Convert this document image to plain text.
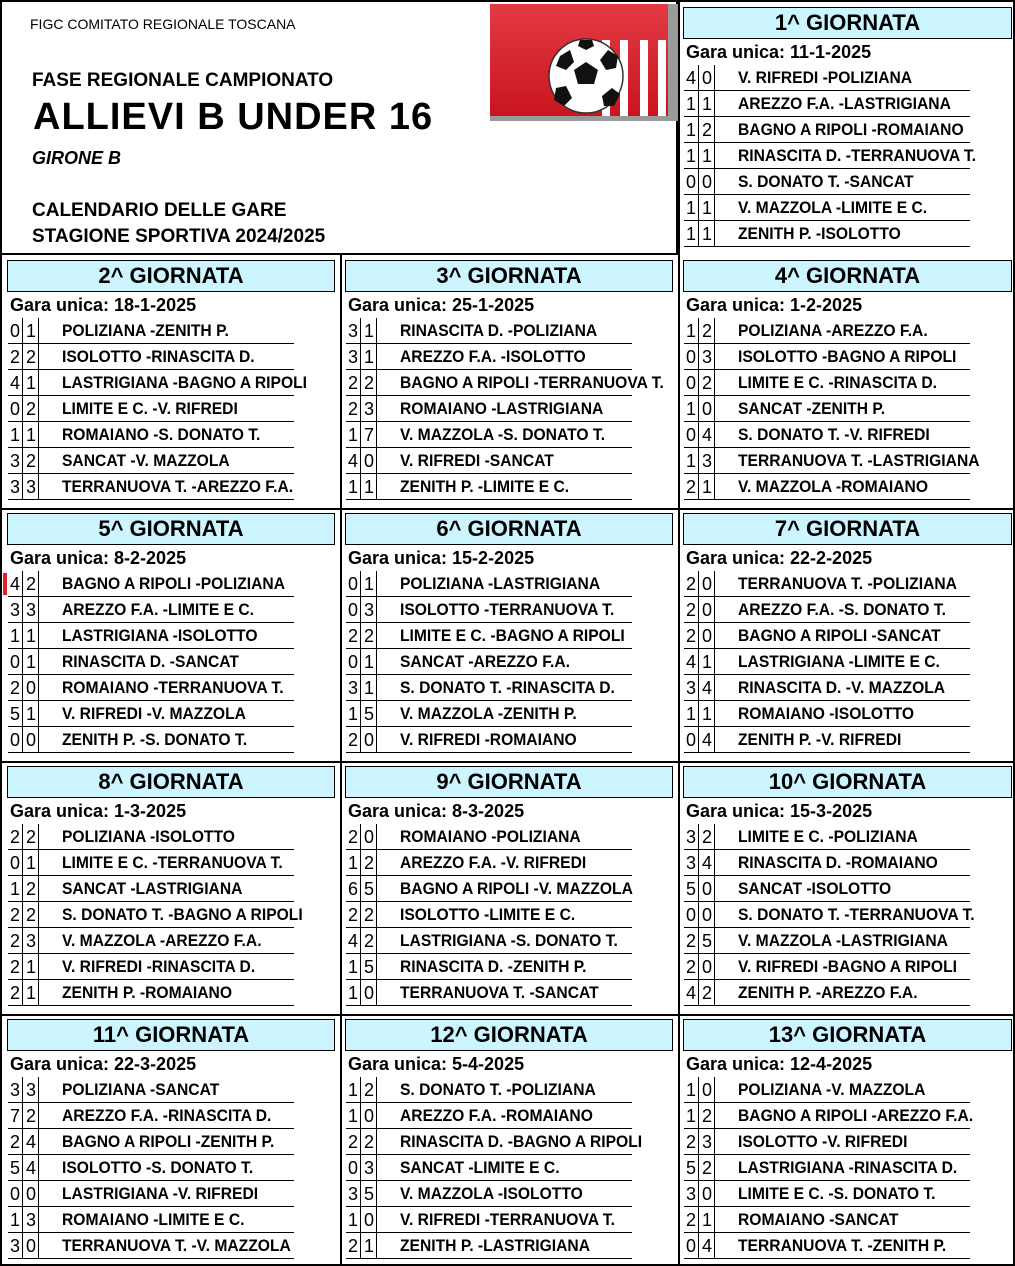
FIGC COMITATO REGIONALE TOSCANA
FASE REGIONALE CAMPIONATO
ALLIEVI B UNDER 16
GIRONE B
CALENDARIO DELLE GARE
STAGIONE SPORTIVA 2024/2025
1^ GIORNATA
Gara unica: 11-1-2025
4 0 V. RIFREDI -POLIZIANA
1 1 AREZZO F.A. -LASTRIGIANA
1 2 BAGNO A RIPOLI -ROMAIANO
1 1 RINASCITA D. -TERRANUOVA T.
0 0 S. DONATO T. -SANCAT
1 1 V. MAZZOLA -LIMITE E C.
1 1 ZENITH P. -ISOLOTTO
2^ GIORNATA
Gara unica: 18-1-2025
0 1 POLIZIANA -ZENITH P.
2 2 ISOLOTTO -RINASCITA D.
4 1 LASTRIGIANA -BAGNO A RIPOLI
0 2 LIMITE E C. -V. RIFREDI
1 1 ROMAIANO -S. DONATO T.
3 2 SANCAT -V. MAZZOLA
3 3 TERRANUOVA T. -AREZZO F.A.
3^ GIORNATA
Gara unica: 25-1-2025
3 1 RINASCITA D. -POLIZIANA
3 1 AREZZO F.A. -ISOLOTTO
2 2 BAGNO A RIPOLI -TERRANUOVA T.
2 3 ROMAIANO -LASTRIGIANA
1 7 V. MAZZOLA -S. DONATO T.
4 0 V. RIFREDI -SANCAT
1 1 ZENITH P. -LIMITE E C.
4^ GIORNATA
Gara unica: 1-2-2025
1 2 POLIZIANA -AREZZO F.A.
0 3 ISOLOTTO -BAGNO A RIPOLI
0 2 LIMITE E C. -RINASCITA D.
1 0 SANCAT -ZENITH P.
0 4 S. DONATO T. -V. RIFREDI
1 3 TERRANUOVA T. -LASTRIGIANA
2 1 V. MAZZOLA -ROMAIANO
5^ GIORNATA
Gara unica: 8-2-2025
4 2 BAGNO A RIPOLI -POLIZIANA
3 3 AREZZO F.A. -LIMITE E C.
1 1 LASTRIGIANA -ISOLOTTO
0 1 RINASCITA D. -SANCAT
2 0 ROMAIANO -TERRANUOVA T.
5 1 V. RIFREDI -V. MAZZOLA
0 0 ZENITH P. -S. DONATO T.
6^ GIORNATA
Gara unica: 15-2-2025
0 1 POLIZIANA -LASTRIGIANA
0 3 ISOLOTTO -TERRANUOVA T.
2 2 LIMITE E C. -BAGNO A RIPOLI
0 1 SANCAT -AREZZO F.A.
3 1 S. DONATO T. -RINASCITA D.
1 5 V. MAZZOLA -ZENITH P.
2 0 V. RIFREDI -ROMAIANO
7^ GIORNATA
Gara unica: 22-2-2025
2 0 TERRANUOVA T. -POLIZIANA
2 0 AREZZO F.A. -S. DONATO T.
2 0 BAGNO A RIPOLI -SANCAT
4 1 LASTRIGIANA -LIMITE E C.
3 4 RINASCITA D. -V. MAZZOLA
1 1 ROMAIANO -ISOLOTTO
0 4 ZENITH P. -V. RIFREDI
8^ GIORNATA
Gara unica: 1-3-2025
2 2 POLIZIANA -ISOLOTTO
0 1 LIMITE E C. -TERRANUOVA T.
1 2 SANCAT -LASTRIGIANA
2 2 S. DONATO T. -BAGNO A RIPOLI
2 3 V. MAZZOLA -AREZZO F.A.
2 1 V. RIFREDI -RINASCITA D.
2 1 ZENITH P. -ROMAIANO
9^ GIORNATA
Gara unica: 8-3-2025
2 0 ROMAIANO -POLIZIANA
1 2 AREZZO F.A. -V. RIFREDI
6 5 BAGNO A RIPOLI -V. MAZZOLA
2 2 ISOLOTTO -LIMITE E C.
4 2 LASTRIGIANA -S. DONATO T.
1 5 RINASCITA D. -ZENITH P.
1 0 TERRANUOVA T. -SANCAT
10^ GIORNATA
Gara unica: 15-3-2025
3 2 LIMITE E C. -POLIZIANA
3 4 RINASCITA D. -ROMAIANO
5 0 SANCAT -ISOLOTTO
0 0 S. DONATO T. -TERRANUOVA T.
2 5 V. MAZZOLA -LASTRIGIANA
2 0 V. RIFREDI -BAGNO A RIPOLI
4 2 ZENITH P. -AREZZO F.A.
11^ GIORNATA
Gara unica: 22-3-2025
3 3 POLIZIANA -SANCAT
7 2 AREZZO F.A. -RINASCITA D.
2 4 BAGNO A RIPOLI -ZENITH P.
5 4 ISOLOTTO -S. DONATO T.
0 0 LASTRIGIANA -V. RIFREDI
1 3 ROMAIANO -LIMITE E C.
3 0 TERRANUOVA T. -V. MAZZOLA
12^ GIORNATA
Gara unica: 5-4-2025
1 2 S. DONATO T. -POLIZIANA
1 0 AREZZO F.A. -ROMAIANO
2 2 RINASCITA D. -BAGNO A RIPOLI
0 3 SANCAT -LIMITE E C.
3 5 V. MAZZOLA -ISOLOTTO
1 0 V. RIFREDI -TERRANUOVA T.
2 1 ZENITH P. -LASTRIGIANA
13^ GIORNATA
Gara unica: 12-4-2025
1 0 POLIZIANA -V. MAZZOLA
1 2 BAGNO A RIPOLI -AREZZO F.A.
2 3 ISOLOTTO -V. RIFREDI
5 2 LASTRIGIANA -RINASCITA D.
3 0 LIMITE E C. -S. DONATO T.
2 1 ROMAIANO -SANCAT
0 4 TERRANUOVA T. -ZENITH P.
